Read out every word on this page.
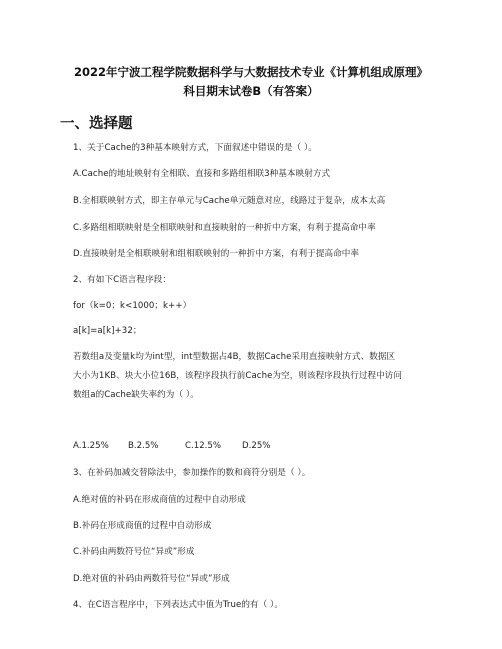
2022年宁波工程学院数据科学与大数据技术专业《计算机组成原理》
科目期末试卷B（有答案）
一、选择题
1、关于Cache的3种基本映射方式，下面叙述中错误的是（ ）。
A.Cache的地址映射有全相联、直接和多路组相联3种基本映射方式
B.全相联映射方式，即主存单元与Cache单元随意对应，线路过于复杂，成本太高
C.多路组相联映射是全相联映射和直接映射的一种折中方案，有利于提高命中率
D.直接映射是全相联映射和组相联映射的一种折中方案，有利于提高命中率
2、有如下C语言程序段：
for（k=0；k<1000；k++）
a[k]=a[k]+32；
若数组a及变量k均为int型，int型数据占4B，数据Cache采用直接映射方式、数据区
大小为1KB、块大小位16B，该程序段执行前Cache为空，则该程序段执行过程中访问
数组a的Cache缺失率约为（ ）。
A.1.25% B.2.5%	C.12.5% D.25%
3、在补码加减交替除法中，参加操作的数和商符分别是（ ）。
A.绝对值的补码在形成商值的过程中自动形成
B.补码在形成商值的过程中自动形成
C.补码由两数符号位“异或”形成
D.绝对值的补码由两数符号位“异或”形成
4、在C语言程序中，下列表达式中值为True的有（ ）。
